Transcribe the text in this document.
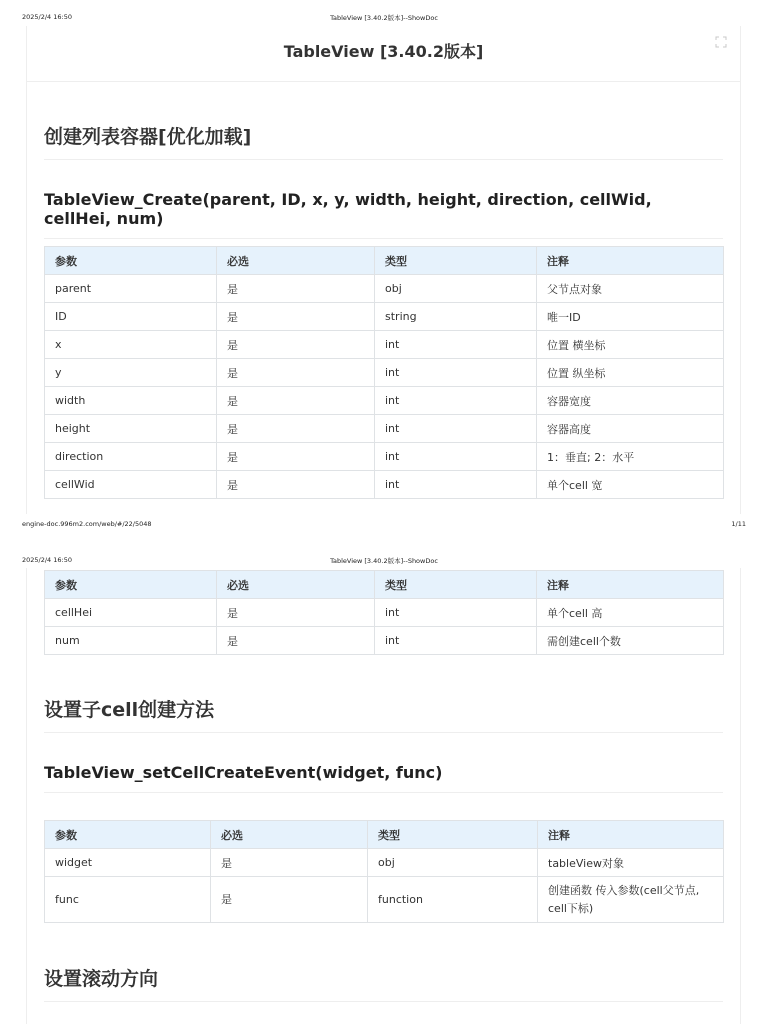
2025/2/4 16:50	TableView [3.40.2版本]--ShowDoc
TableView [3.40.2版本]
创建列表容器[优化加载]
TableView_Create(parent, ID, x, y, width, height, direction, cellWid, cellHei, num)
参数	必选	类型	注释
parent	是	obj	父节点对象
ID	是	string	唯一ID
x	是	int	位置 横坐标
y	是	int	位置 纵坐标
width	是	int	容器宽度
height	是	int	容器高度
direction	是	int	1：垂直; 2：水平
cellWid	是	int	单个cell 宽
engine-doc.996m2.com/web/#/22/5048	1/11
2025/2/4 16:50	TableView [3.40.2版本]--ShowDoc
参数	必选	类型	注释
cellHei	是	int	单个cell 高
num	是	int	需创建cell个数
设置子cell创建方法
TableView_setCellCreateEvent(widget, func)
参数	必选	类型	注释
widget	是	obj	tableView对象
func	是	function	创建函数 传入参数(cell父节点, cell下标)
设置滚动方向
